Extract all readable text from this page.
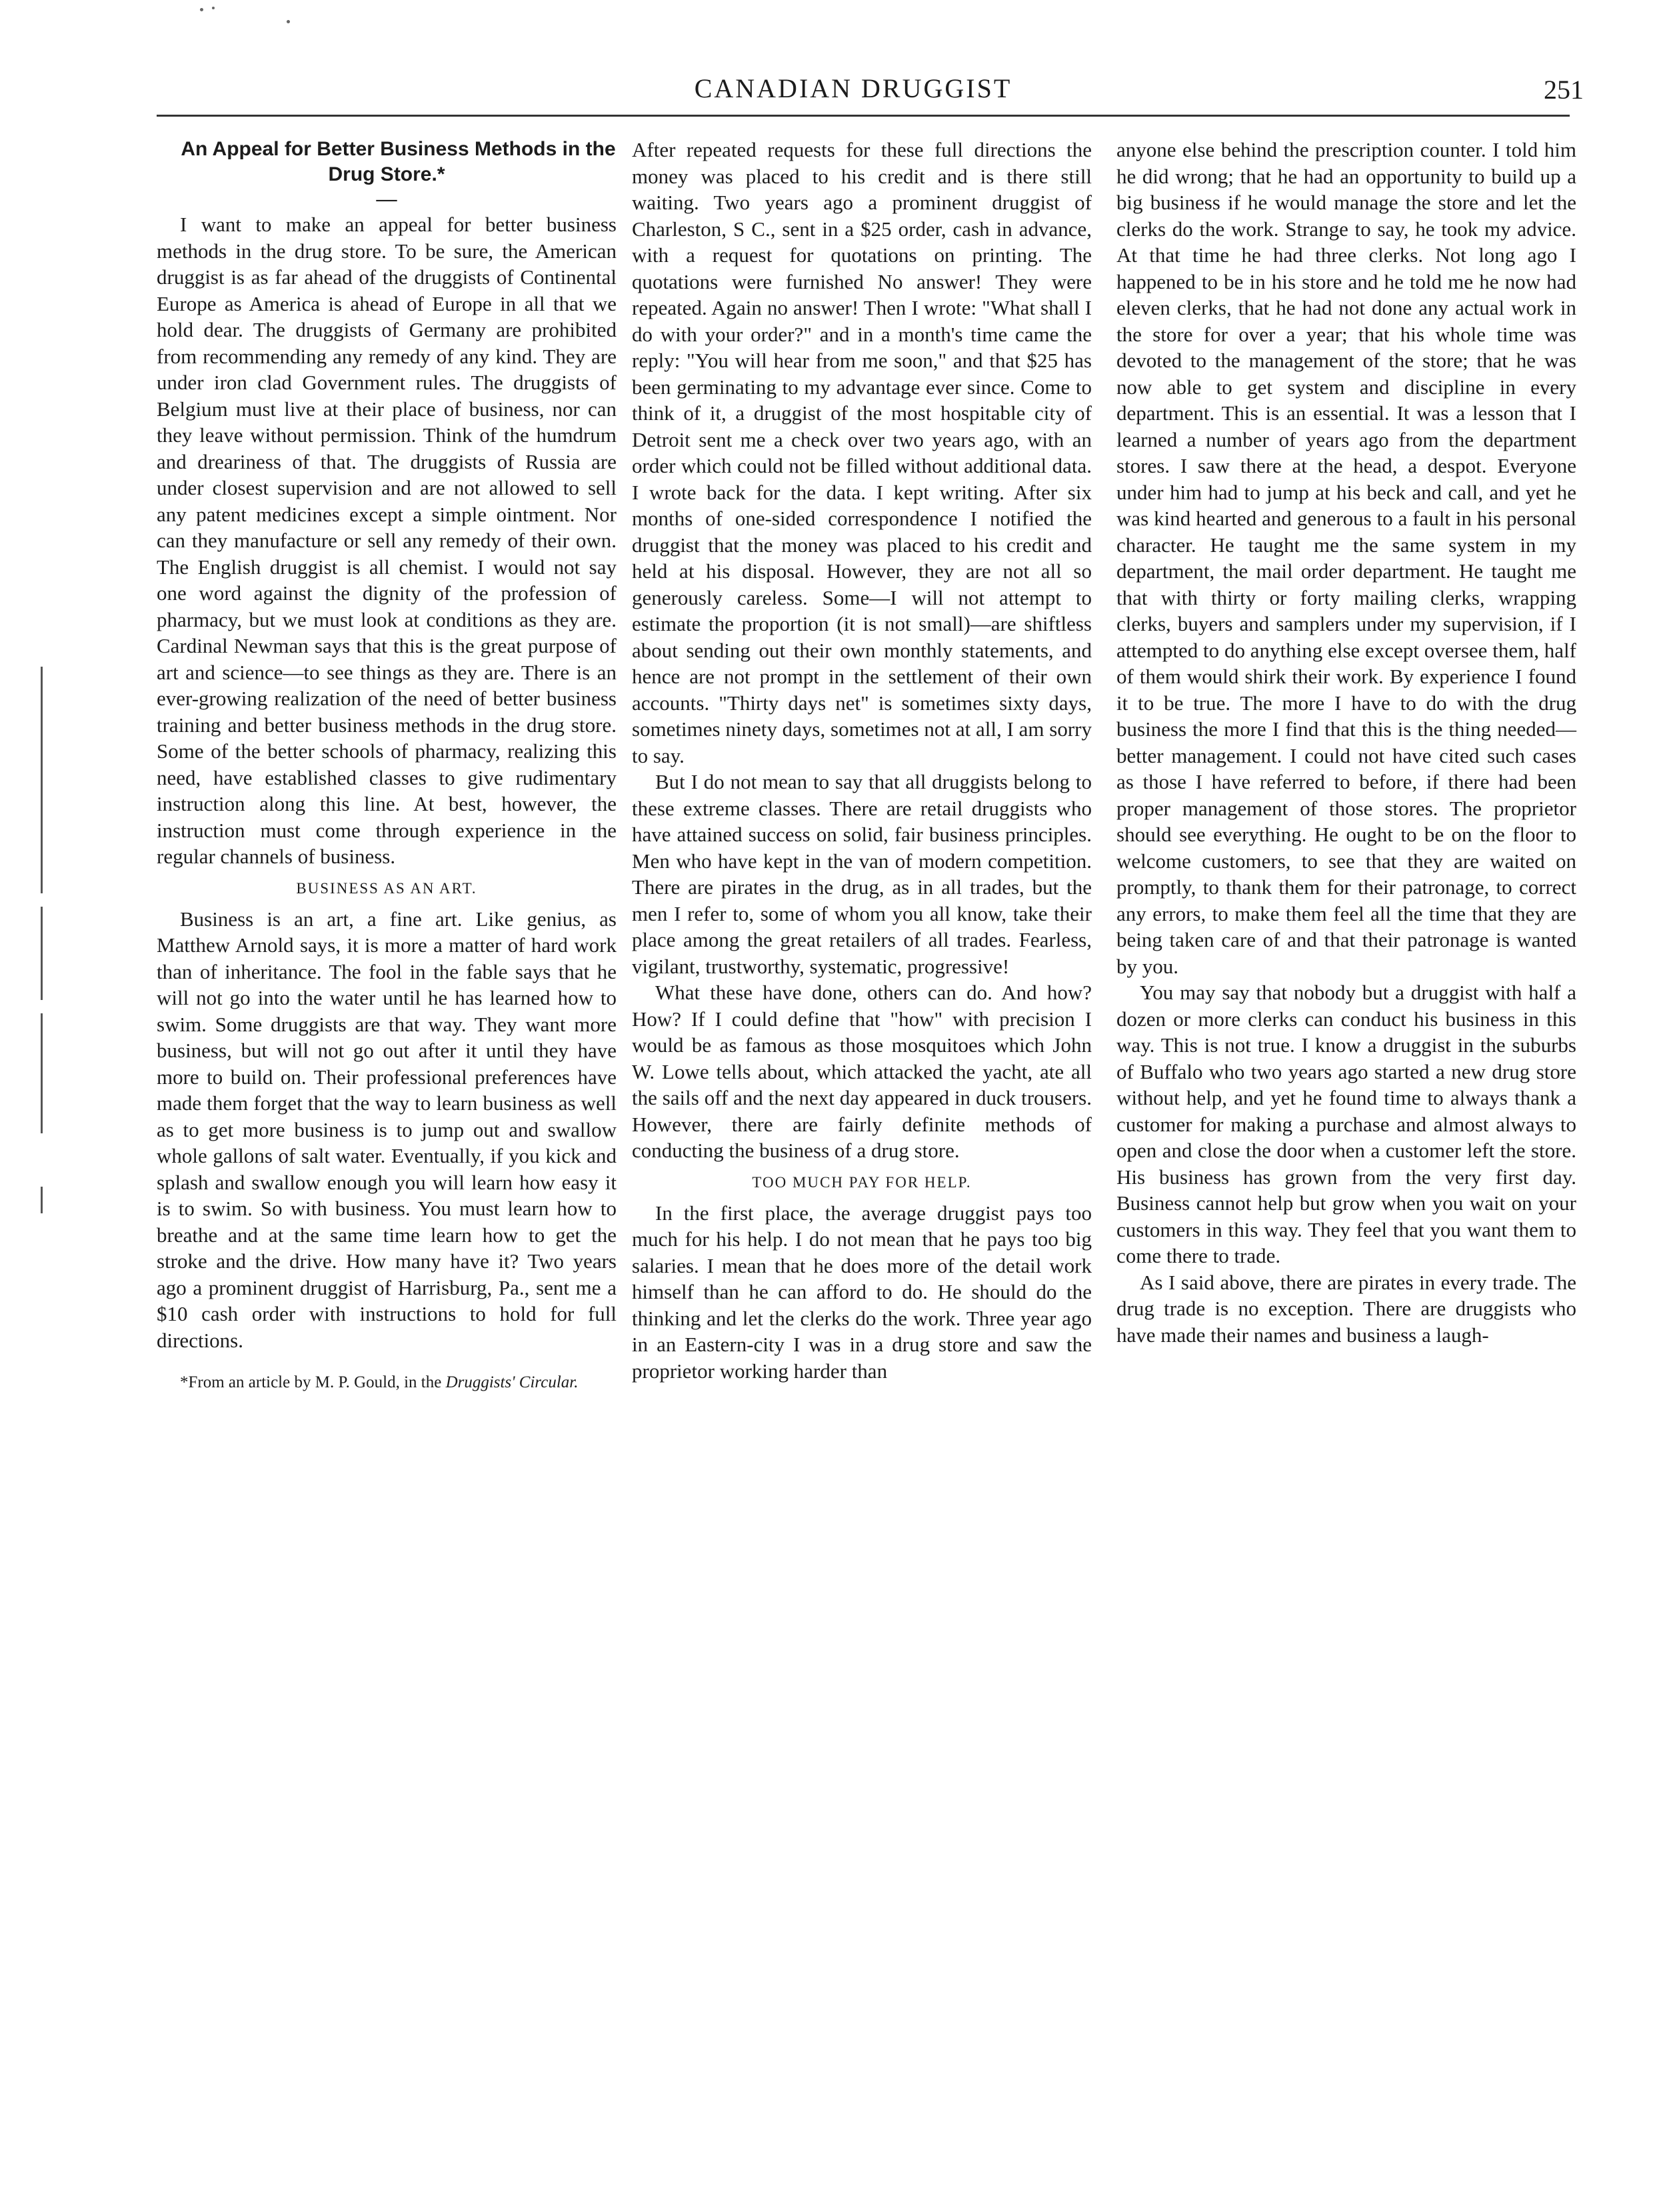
CANADIAN DRUGGIST	251

An Appeal for Better Business Methods in the Drug Store.*

—

I want to make an appeal for better business methods in the drug store. To be sure, the American druggist is as far ahead of the druggists of Continental Europe as America is ahead of Europe in all that we hold dear. The druggists of Germany are prohibited from recommending any remedy of any kind. They are under iron clad Government rules. The druggists of Belgium must live at their place of business, nor can they leave without permission. Think of the humdrum and dreariness of that. The druggists of Russia are under closest supervision and are not allowed to sell any patent medicines except a simple ointment. Nor can they manufacture or sell any remedy of their own. The English druggist is all chemist. I would not say one word against the dignity of the profession of pharmacy, but we must look at conditions as they are. Cardinal Newman says that this is the great purpose of art and science—to see things as they are. There is an ever-growing realization of the need of better business training and better business methods in the drug store. Some of the better schools of pharmacy, realizing this need, have established classes to give rudimentary instruction along this line. At best, however, the instruction must come through experience in the regular channels of business.

BUSINESS AS AN ART.

Business is an art, a fine art. Like genius, as Matthew Arnold says, it is more a matter of hard work than of inheritance. The fool in the fable says that he will not go into the water until he has learned how to swim. Some druggists are that way. They want more business, but will not go out after it until they have more to build on. Their professional preferences have made them forget that the way to learn business as well as to get more business is to jump out and swallow whole gallons of salt water. Eventually, if you kick and splash and swallow enough you will learn how easy it is to swim. So with business. You must learn how to breathe and at the same time learn how to get the stroke and the drive. How many have it? Two years ago a prominent druggist of Harrisburg, Pa., sent me a $10 cash order with instructions to hold for full directions.

*From an article by M. P. Gould, in the Druggists' Circular.

After repeated requests for these full directions the money was placed to his credit and is there still waiting. Two years ago a prominent druggist of Charleston, S C., sent in a $25 order, cash in advance, with a request for quotations on printing. The quotations were furnished No answer! They were repeated. Again no answer! Then I wrote: "What shall I do with your order?" and in a month's time came the reply: "You will hear from me soon," and that $25 has been germinating to my advantage ever since. Come to think of it, a druggist of the most hospitable city of Detroit sent me a check over two years ago, with an order which could not be filled without additional data. I wrote back for the data. I kept writing. After six months of one-sided correspondence I notified the druggist that the money was placed to his credit and held at his disposal. However, they are not all so generously careless. Some—I will not attempt to estimate the proportion (it is not small)—are shiftless about sending out their own monthly statements, and hence are not prompt in the settlement of their own accounts. "Thirty days net" is sometimes sixty days, sometimes ninety days, sometimes not at all, I am sorry to say.

But I do not mean to say that all druggists belong to these extreme classes. There are retail druggists who have attained success on solid, fair business principles. Men who have kept in the van of modern competition. There are pirates in the drug, as in all trades, but the men I refer to, some of whom you all know, take their place among the great retailers of all trades. Fearless, vigilant, trustworthy, systematic, progressive!

What these have done, others can do. And how? How? If I could define that "how" with precision I would be as famous as those mosquitoes which John W. Lowe tells about, which attacked the yacht, ate all the sails off and the next day appeared in duck trousers. However, there are fairly definite methods of conducting the business of a drug store.

TOO MUCH PAY FOR HELP.

In the first place, the average druggist pays too much for his help. I do not mean that he pays too big salaries. I mean that he does more of the detail work himself than he can afford to do. He should do the thinking and let the clerks do the work. Three year ago in an Eastern-city I was in a drug store and saw the proprietor working harder than

anyone else behind the prescription counter. I told him he did wrong; that he had an opportunity to build up a big business if he would manage the store and let the clerks do the work. Strange to say, he took my advice. At that time he had three clerks. Not long ago I happened to be in his store and he told me he now had eleven clerks, that he had not done any actual work in the store for over a year; that his whole time was devoted to the management of the store; that he was now able to get system and discipline in every department. This is an essential. It was a lesson that I learned a number of years ago from the department stores. I saw there at the head, a despot. Everyone under him had to jump at his beck and call, and yet he was kind hearted and generous to a fault in his personal character. He taught me the same system in my department, the mail order department. He taught me that with thirty or forty mailing clerks, wrapping clerks, buyers and samplers under my supervision, if I attempted to do anything else except oversee them, half of them would shirk their work. By experience I found it to be true. The more I have to do with the drug business the more I find that this is the thing needed—better management. I could not have cited such cases as those I have referred to before, if there had been proper management of those stores. The proprietor should see everything. He ought to be on the floor to welcome customers, to see that they are waited on promptly, to thank them for their patronage, to correct any errors, to make them feel all the time that they are being taken care of and that their patronage is wanted by you.

You may say that nobody but a druggist with half a dozen or more clerks can conduct his business in this way. This is not true. I know a druggist in the suburbs of Buffalo who two years ago started a new drug store without help, and yet he found time to always thank a customer for making a purchase and almost always to open and close the door when a customer left the store. His business has grown from the very first day. Business cannot help but grow when you wait on your customers in this way. They feel that you want them to come there to trade.

As I said above, there are pirates in every trade. The drug trade is no exception. There are druggists who have made their names and business a laugh-
